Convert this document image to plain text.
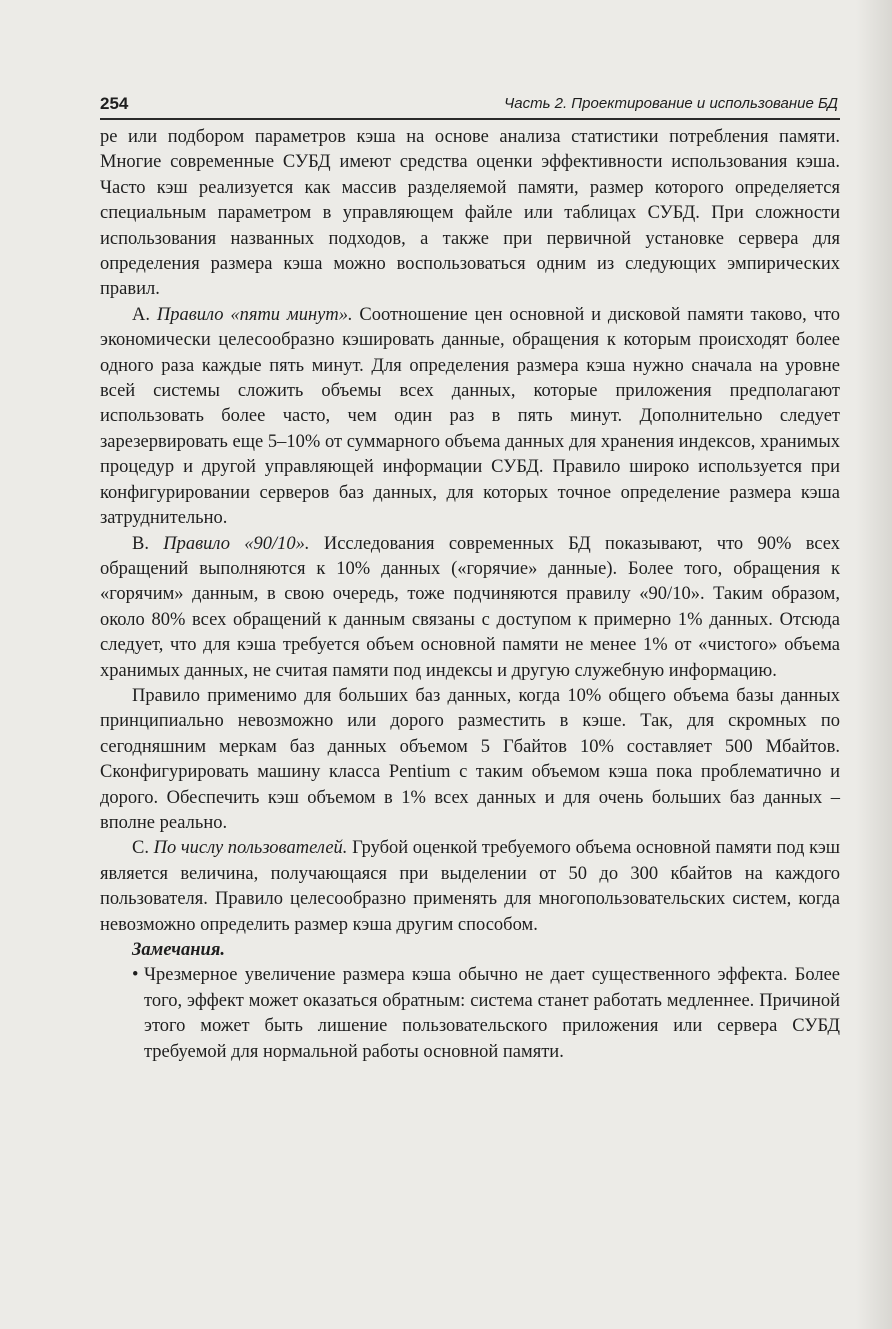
254	Часть 2. Проектирование и использование БД

ре или подбором параметров кэша на основе анализа статистики потребления памяти. Многие современные СУБД имеют средства оценки эффективности использования кэша. Часто кэш реализуется как массив разделяемой памяти, размер которого определяется специальным параметром в управляющем файле или таблицах СУБД. При сложности использования названных подходов, а также при первичной установке сервера для определения размера кэша можно воспользоваться одним из следующих эмпирических правил.

А. Правило «пяти минут». Соотношение цен основной и дисковой памяти таково, что экономически целесообразно кэшировать данные, обращения к которым происходят более одного раза каждые пять минут. Для определения размера кэша нужно сначала на уровне всей системы сложить объемы всех данных, которые приложения предполагают использовать более часто, чем один раз в пять минут. Дополнительно следует зарезервировать еще 5–10% от суммарного объема данных для хранения индексов, хранимых процедур и другой управляющей информации СУБД. Правило широко используется при конфигурировании серверов баз данных, для которых точное определение размера кэша затруднительно.

В. Правило «90/10». Исследования современных БД показывают, что 90% всех обращений выполняются к 10% данных («горячие» данные). Более того, обращения к «горячим» данным, в свою очередь, тоже подчиняются правилу «90/10». Таким образом, около 80% всех обращений к данным связаны с доступом к примерно 1% данных. Отсюда следует, что для кэша требуется объем основной памяти не менее 1% от «чистого» объема хранимых данных, не считая памяти под индексы и другую служебную информацию.

Правило применимо для больших баз данных, когда 10% общего объема базы данных принципиально невозможно или дорого разместить в кэше. Так, для скромных по сегодняшним меркам баз данных объемом 5 Гбайтов 10% составляет 500 Мбайтов. Сконфигурировать машину класса Pentium с таким объемом кэша пока проблематично и дорого. Обеспечить кэш объемом в 1% всех данных и для очень больших баз данных – вполне реально.

С. По числу пользователей. Грубой оценкой требуемого объема основной памяти под кэш является величина, получающаяся при выделении от 50 до 300 кбайтов на каждого пользователя. Правило целесообразно применять для многопользовательских систем, когда невозможно определить размер кэша другим способом.

Замечания.
• Чрезмерное увеличение размера кэша обычно не дает существенного эффекта. Более того, эффект может оказаться обратным: система станет работать медленнее. Причиной этого может быть лишение пользовательского приложения или сервера СУБД требуемой для нормальной работы основной памяти.
